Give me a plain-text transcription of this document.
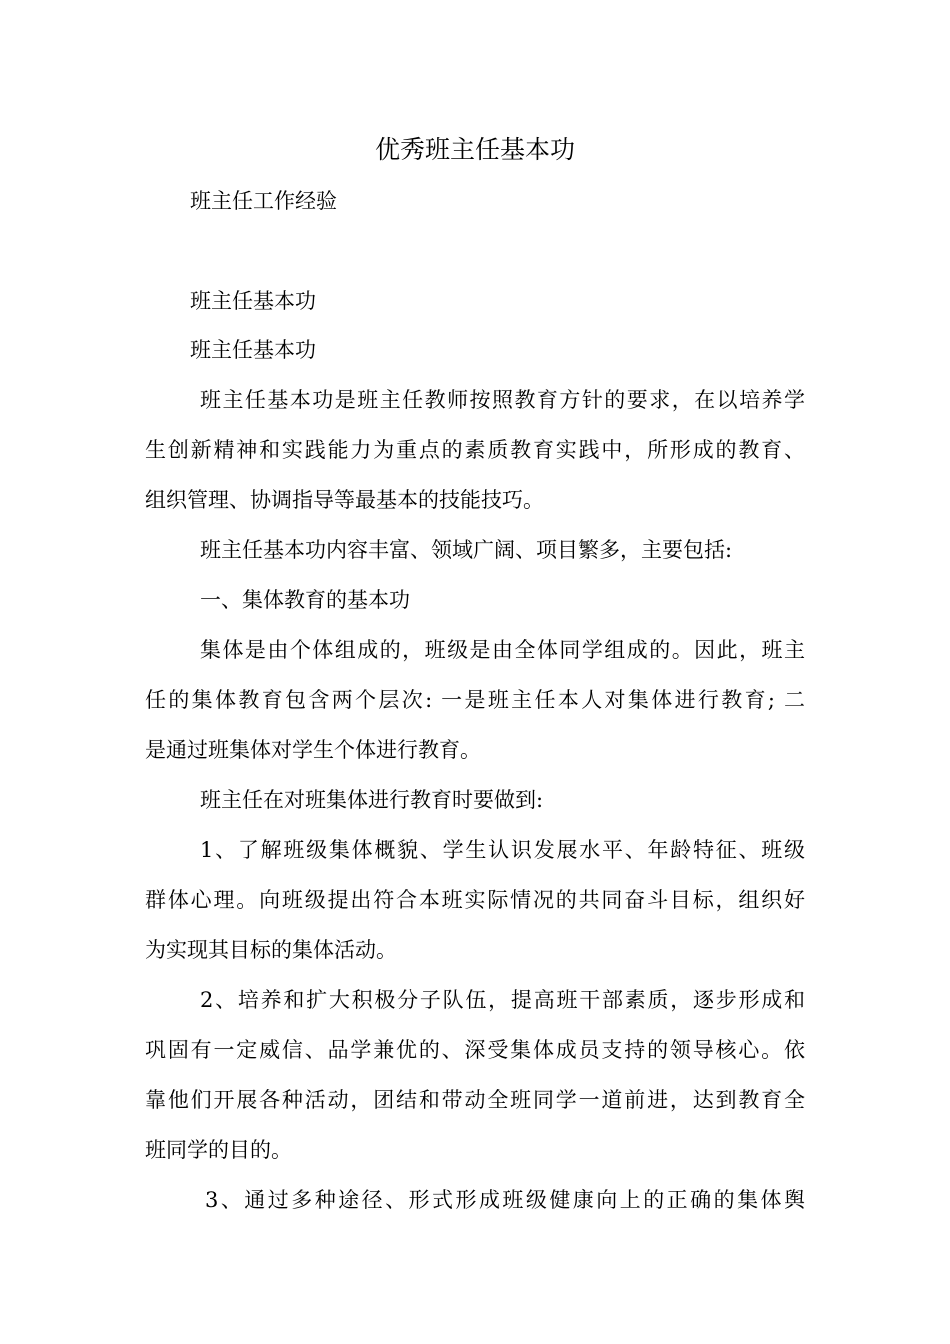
优秀班主任基本功

班主任工作经验

班主任基本功

班主任基本功

班主任基本功是班主任教师按照教育方针的要求，在以培养学

生创新精神和实践能力为重点的素质教育实践中，所形成的教育、

组织管理、协调指导等最基本的技能技巧。

班主任基本功内容丰富、领域广阔、项目繁多，主要包括:

一、集体教育的基本功

集体是由个体组成的，班级是由全体同学组成的。因此，班主

任的集体教育包含两个层次: 一是班主任本人对集体进行教育; 二

是通过班集体对学生个体进行教育。

班主任在对班集体进行教育时要做到:

1、了解班级集体概貌、学生认识发展水平、年龄特征、班级

群体心理。向班级提出符合本班实际情况的共同奋斗目标，组织好

为实现其目标的集体活动。

2、培养和扩大积极分子队伍，提高班干部素质，逐步形成和

巩固有一定威信、品学兼优的、深受集体成员支持的领导核心。依

靠他们开展各种活动，团结和带动全班同学一道前进，达到教育全

班同学的目的。

3、通过多种途径、形式形成班级健康向上的正确的集体舆
